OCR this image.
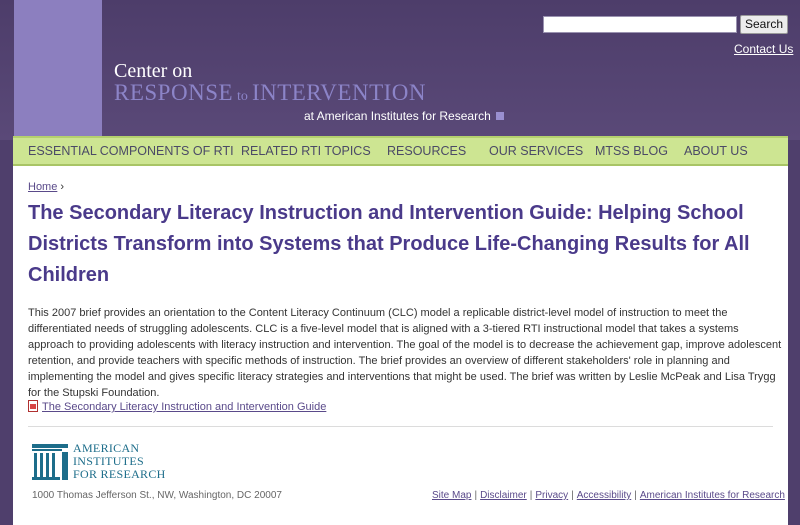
Search
Contact Us
Center on
RESPONSE to INTERVENTION
at American Institutes for Research
ESSENTIAL COMPONENTS OF RTI RELATED RTI TOPICS RESOURCES OUR SERVICES MTSS BLOG ABOUT US
Home ›
The Secondary Literacy Instruction and Intervention Guide: Helping School Districts Transform into Systems that Produce Life-Changing Results for All Children

This 2007 brief provides an orientation to the Content Literacy Continuum (CLC) model a replicable district-level model of instruction to meet the differentiated needs of struggling adolescents. CLC is a five-level model that is aligned with a 3-tiered RTI instructional model that takes a systems approach to providing adolescents with literacy instruction and intervention. The goal of the model is to decrease the achievement gap, improve adolescent retention, and provide teachers with specific methods of instruction. The brief provides an overview of different stakeholders' role in planning and implementing the model and gives specific literacy strategies and interventions that might be used. The brief was written by Leslie McPeak and Lisa Trygg for the Stupski Foundation.

The Secondary Literacy Instruction and Intervention Guide
AMERICAN
INSTITUTES
FOR RESEARCH
1000 Thomas Jefferson St., NW, Washington, DC 20007	Site Map | Disclaimer | Privacy | Accessibility | American Institutes for Research
